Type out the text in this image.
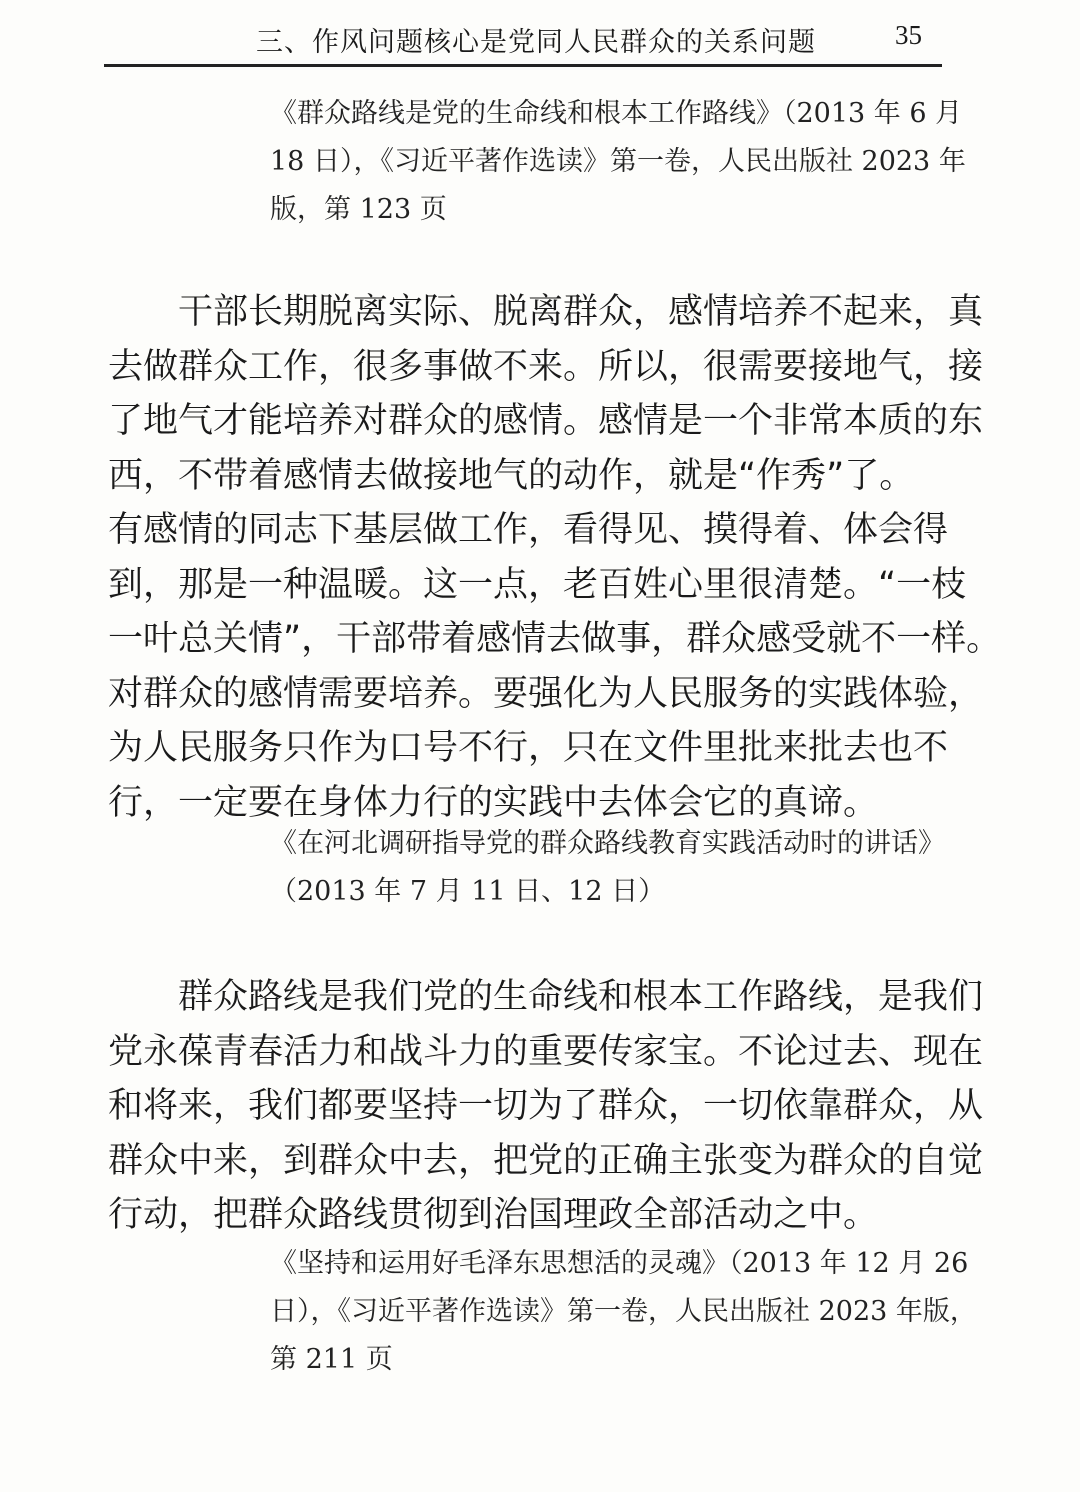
三、作风问题核心是党同人民群众的关系问题	35
《群众路线是党的生命线和根本工作路线》（2013 年 6 月
18 日），《习近平著作选读》第一卷，人民出版社 2023 年
版，第 123 页
　　干部长期脱离实际、脱离群众，感情培养不起来，真
去做群众工作，很多事做不来。所以，很需要接地气，接
了地气才能培养对群众的感情。感情是一个非常本质的东
西，不带着感情去做接地气的动作，就是“作秀”了。
有感情的同志下基层做工作，看得见、摸得着、体会得
到，那是一种温暖。这一点，老百姓心里很清楚。“一枝
一叶总关情”，干部带着感情去做事，群众感受就不一样。
对群众的感情需要培养。要强化为人民服务的实践体验，
为人民服务只作为口号不行，只在文件里批来批去也不
行，一定要在身体力行的实践中去体会它的真谛。
《在河北调研指导党的群众路线教育实践活动时的讲话》
（2013 年 7 月 11 日、12 日）
　　群众路线是我们党的生命线和根本工作路线，是我们
党永葆青春活力和战斗力的重要传家宝。不论过去、现在
和将来，我们都要坚持一切为了群众，一切依靠群众，从
群众中来，到群众中去，把党的正确主张变为群众的自觉
行动，把群众路线贯彻到治国理政全部活动之中。
《坚持和运用好毛泽东思想活的灵魂》（2013 年 12 月 26
日），《习近平著作选读》第一卷，人民出版社 2023 年版，
第 211 页
